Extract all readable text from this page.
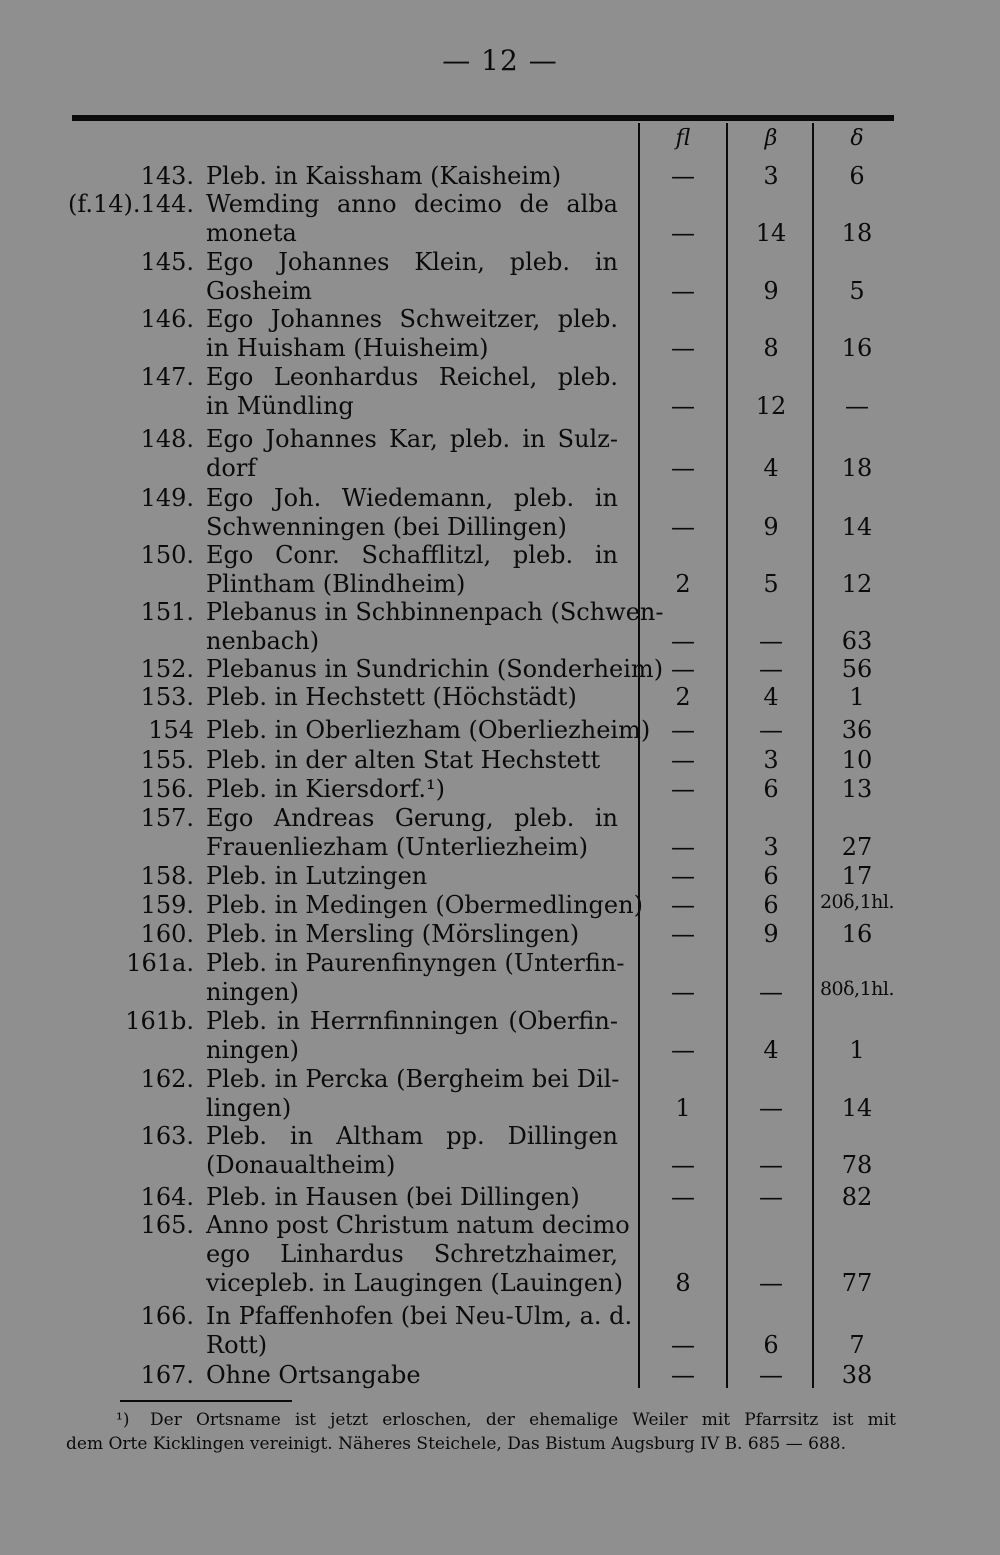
— 12 —
fl	β	δ
143. Pleb. in Kaissham (Kaisheim)	—	3	6
(f.14).144. Wemding anno decimo de alba
moneta	—	14	18
145. Ego Johannes Klein, pleb. in
Gosheim	—	9	5
146. Ego Johannes Schweitzer, pleb.
in Huisham (Huisheim)	—	8	16
147. Ego Leonhardus Reichel, pleb.
in Mündling	—	12	—
148. Ego Johannes Kar, pleb. in Sulz-
dorf	—	4	18
149. Ego Joh. Wiedemann, pleb. in
Schwenningen (bei Dillingen)	—	9	14
150. Ego Conr. Schafflitzl, pleb. in
Plintham (Blindheim)	2	5	12
151. Plebanus in Schbinnenpach (Schwen-
nenbach)	—	—	63
152. Plebanus in Sundrichin (Sonderheim) —	—	56
153. Pleb. in Hechstett (Höchstädt)	2	4	1
154 Pleb. in Oberliezham (Oberliezheim) —	—	36
155. Pleb. in der alten Stat Hechstett	—	3	10
156. Pleb. in Kiersdorf.¹)	—	6	13
157. Ego Andreas Gerung, pleb. in
Frauenliezham (Unterliezheim)	—	3	27
158. Pleb. in Lutzingen	—	6	17
159. Pleb. in Medingen (Obermedlingen)	—	6	20δ,1hl.
160. Pleb. in Mersling (Mörslingen)	—	9	16
161a. Pleb. in Paurenfinyngen (Unterfin-
ningen)	—	—	80δ,1hl.
161b. Pleb. in Herrnfinningen (Oberfin-
ningen)	—	4	1
162. Pleb. in Percka (Bergheim bei Dil-
lingen)	1	—	14
163. Pleb. in Altham pp. Dillingen
(Donaualtheim)	—	—	78
164. Pleb. in Hausen (bei Dillingen)	—	—	82
165. Anno post Christum natum decimo
ego Linhardus Schretzhaimer,
vicepleb. in Laugingen (Lauingen)	8	—	77
166. In Pfaffenhofen (bei Neu-Ulm, a. d.
Rott)	—	6	7
167. Ohne Ortsangabe	—	—	38
¹)	Der Ortsname ist jetzt erloschen, der ehemalige Weiler mit Pfarrsitz ist mit
dem Orte Kicklingen vereinigt. Näheres Steichele, Das Bistum Augsburg IV B. 685 — 688.
